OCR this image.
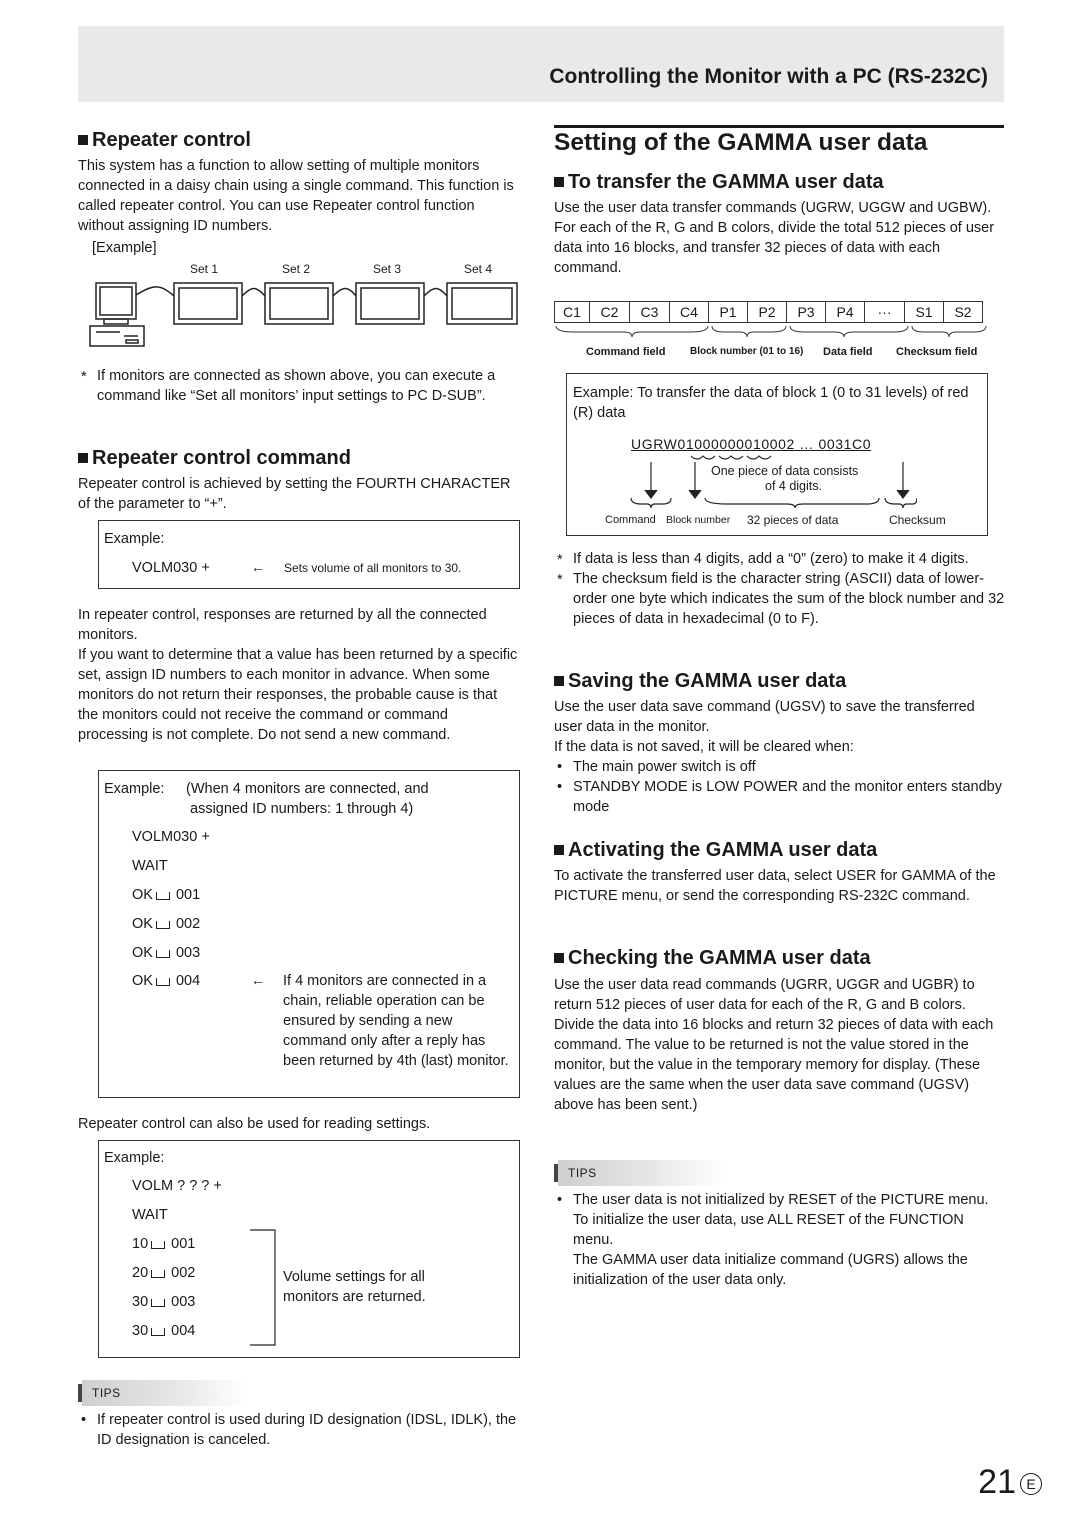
Controlling the Monitor with a PC (RS-232C)
Repeater control

This system has a function to allow setting of multiple monitors connected in a daisy chain using a single command. This function is called repeater control. You can use Repeater control function without assigning ID numbers.

[Example]
Set 1	Set 2	Set 3	Set 4
* If monitors are connected as shown above, you can execute a command like “Set all monitors’ input settings to PC D-SUB”.
Repeater control command

Repeater control is achieved by setting the FOURTH CHARACTER of the parameter to “+”.

Example:
VOLM030 +	← Sets volume of all monitors to 30.

In repeater control, responses are returned by all the connected monitors.

If you want to determine that a value has been returned by a specific set, assign ID numbers to each monitor in advance. When some monitors do not return their responses, the probable cause is that the monitors could not receive the command or command processing is not complete. Do not send a new command.

Example: (When 4 monitors are connected, and
assigned ID numbers: 1 through 4)
VOLM030 +
WAIT
OK 001
OK 002
OK 003
OK 004	← If 4 monitors are connected in a chain, reliable operation can be ensured by sending a new command only after a reply has been returned by 4th (last) monitor.

Repeater control can also be used for reading settings.

Example:
VOLM ? ? ? +
WAIT
10 001
20 002
30 003
30 004
Volume settings for all monitors are returned.
TIPS
• If repeater control is used during ID designation (IDSL, IDLK), the ID designation is canceled.
Setting of the GAMMA user data
To transfer the GAMMA user data

Use the user data transfer commands (UGRW, UGGW and UGBW). For each of the R, G and B colors, divide the total 512 pieces of user data into 16 blocks, and transfer 32 pieces of data with each command.

C1	C2	C3	C4	P1	P2	P3	P4	···	S1	S2
Command field Block number (01 to 16) Data field Checksum field
Example: To transfer the data of block 1 (0 to 31 levels) of red (R) data
UGRW01000000010002 … 0031C0
One piece of data consists
of 4 digits.
Command Block number 32 pieces of data	Checksum
* If data is less than 4 digits, add a “0” (zero) to make it 4 digits.
* The checksum field is the character string (ASCII) data of lower-order one byte which indicates the sum of the block number and 32 pieces of data in hexadecimal (0 to F).
Saving the GAMMA user data

Use the user data save command (UGSV) to save the transferred user data in the monitor.

If the data is not saved, it will be cleared when:

• The main power switch is off
• STANDBY MODE is LOW POWER and the monitor enters standby mode
Activating the GAMMA user data

To activate the transferred user data, select USER for GAMMA of the PICTURE menu, or send the corresponding RS-232C command.

Checking the GAMMA user data

Use the user data read commands (UGRR, UGGR and UGBR) to return 512 pieces of user data for each of the R, G and B colors. Divide the data into 16 blocks and return 32 pieces of data with each command. The value to be returned is not the value stored in the monitor, but the value in the temporary memory for display. (These values are the same when the user data save command (UGSV) above has been sent.)

TIPS
• The user data is not initialized by RESET of the PICTURE menu. To initialize the user data, use ALL RESET of the FUNCTION menu.
The GAMMA user data initialize command (UGRS) allows the initialization of the user data only.
21 E
